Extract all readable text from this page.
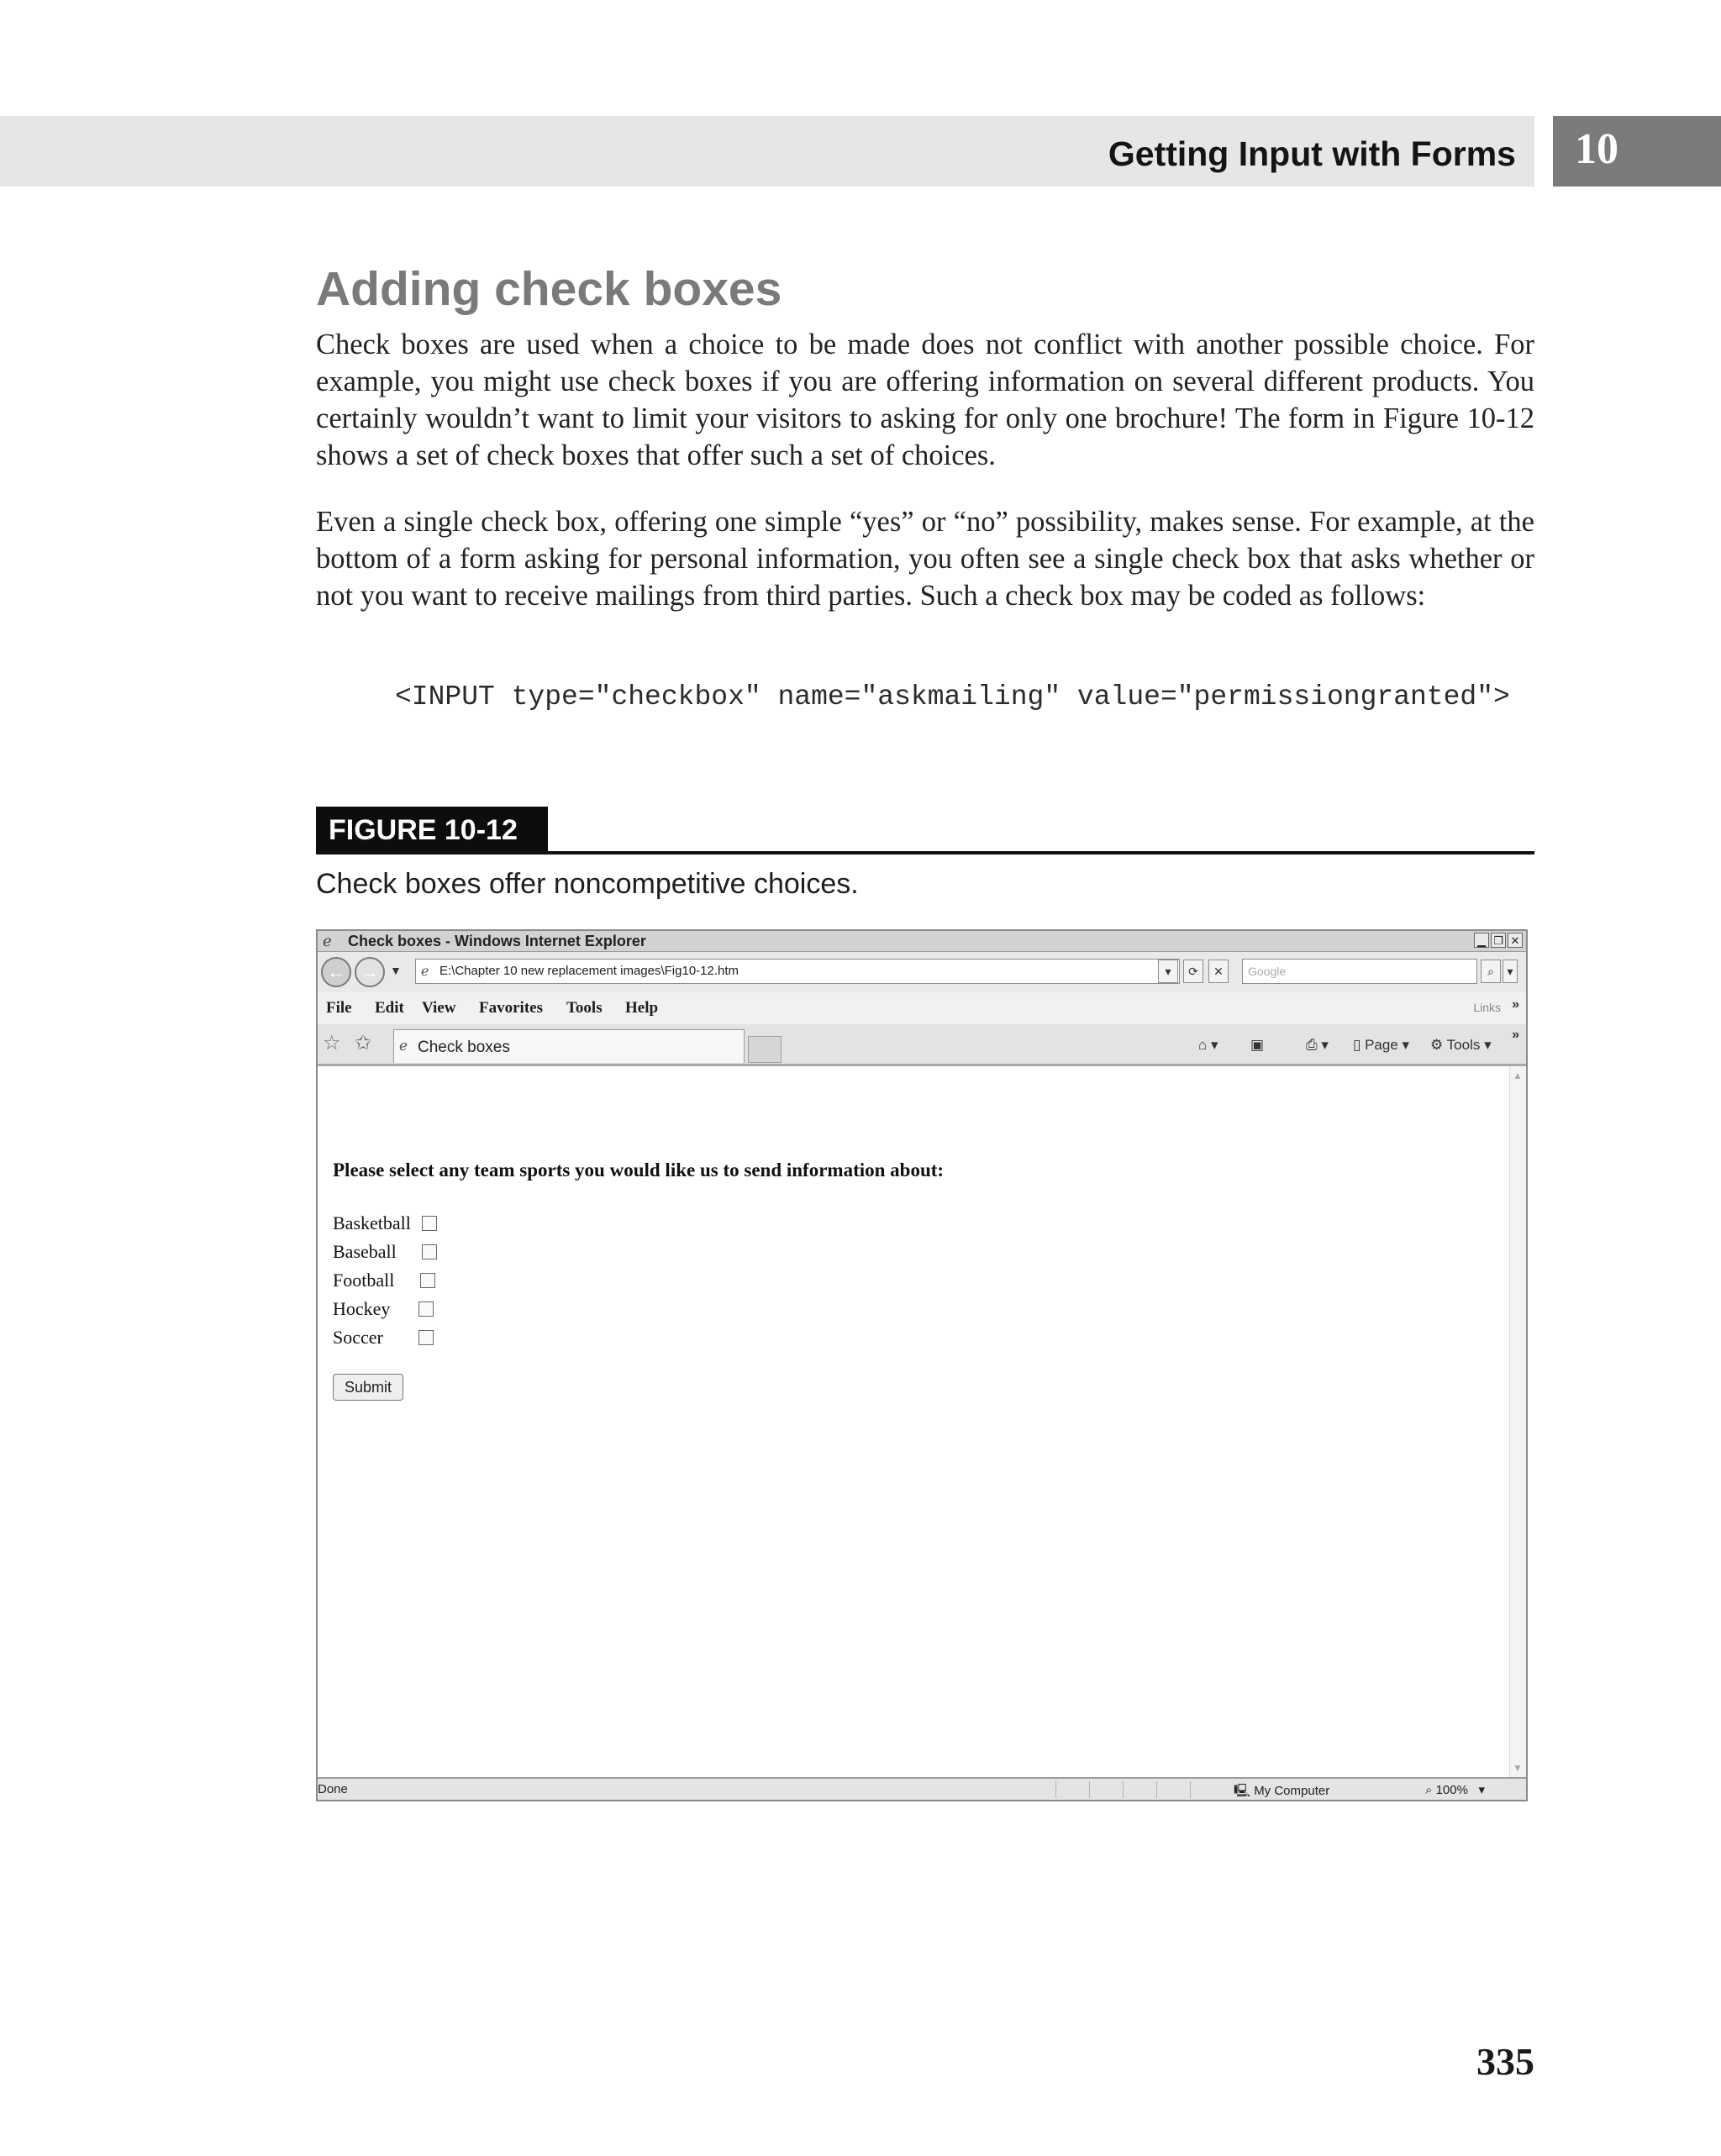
Getting Input with Forms 10
Adding check boxes

Check boxes are used when a choice to be made does not conflict with another possible choice. For example, you might use check boxes if you are offering information on several different products. You certainly wouldn’t want to limit your visitors to asking for only one brochure! The form in Figure 10-12 shows a set of check boxes that offer such a set of choices.

Even a single check box, offering one simple “yes” or “no” possibility, makes sense. For example, at the bottom of a form asking for personal information, you often see a single check box that asks whether or not you want to receive mailings from third parties. Such a check box may be coded as follows:

<INPUT type="checkbox" name="askmailing" value="permissiongranted">
FIGURE 10-12
Check boxes offer noncompetitive choices.
ℯ Check boxes - Windows Internet Explorer	▁ ❐ ✕
← → ▼ ℯ E:\Chapter 10 new replacement images\Fig10-12.htm	▾	⟳	✕	Google	⌕	▾
File Edit View Favorites Tools Help	Links »
☆ ✩ ℯ Check boxes	⌂ ▾ ▣	⎙ ▾ ▯ Page ▾ ⚙ Tools ▾
»
Please select any team sports you would like us to send information about:
Basketball
Baseball
Football
Hockey
Soccer
Submit
▲
▼
Done	🖳 My Computer	⌕ 100%   ▾
335
